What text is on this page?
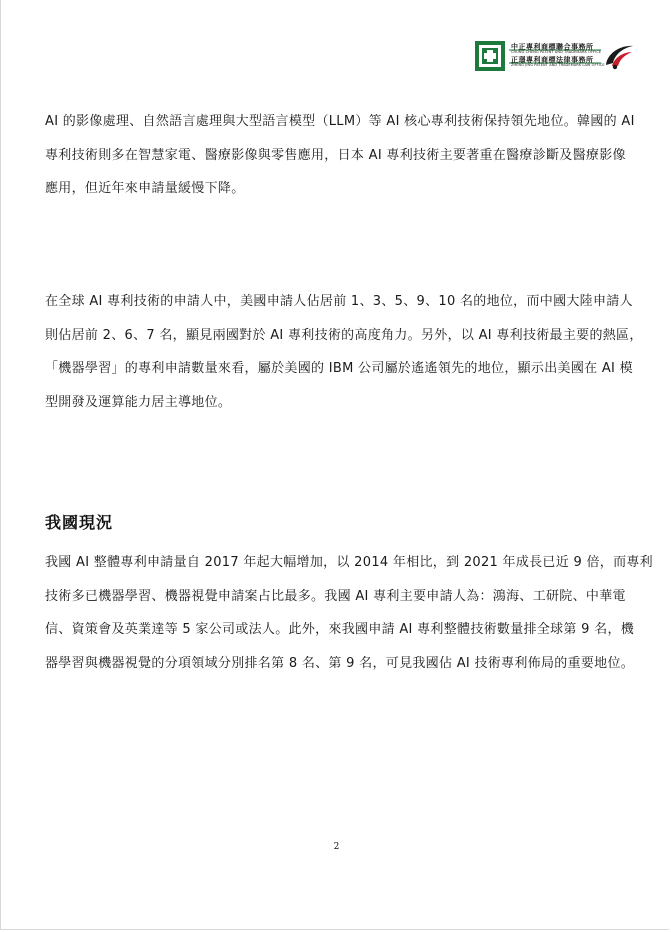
中正專利商標聯合事務所
CHUNG CHENG PATENT AND TRADEMARK OFFICE
正璟專利商標法律事務所
ZHENG JING PATENT AND TRADEMARK LAW OFFICE

AI 的影像處理、自然語言處理與大型語言模型（LLM）等 AI 核心專利技術保持領先地位。韓國的 AI
專利技術則多在智慧家電、醫療影像與零售應用，日本 AI 專利技術主要著重在醫療診斷及醫療影像
應用，但近年來申請量緩慢下降。

在全球 AI 專利技術的申請人中，美國申請人佔居前 1、3、5、9、10 名的地位，而中國大陸申請人
則佔居前 2、6、7 名，顯見兩國對於 AI 專利技術的高度角力。另外，以 AI 專利技術最主要的熱區，
「機器學習」的專利申請數量來看，屬於美國的 IBM 公司屬於遙遙領先的地位，顯示出美國在 AI 模
型開發及運算能力居主導地位。

我國現況

我國 AI 整體專利申請量自 2017 年起大幅增加，以 2014 年相比，到 2021 年成長已近 9 倍，而專利
技術多已機器學習、機器視覺申請案占比最多。我國 AI 專利主要申請人為：鴻海、工研院、中華電
信、資策會及英業達等 5 家公司或法人。此外，來我國申請 AI 專利整體技術數量排全球第 9 名，機
器學習與機器視覺的分項領域分別排名第 8 名、第 9 名，可見我國佔 AI 技術專利佈局的重要地位。

2
